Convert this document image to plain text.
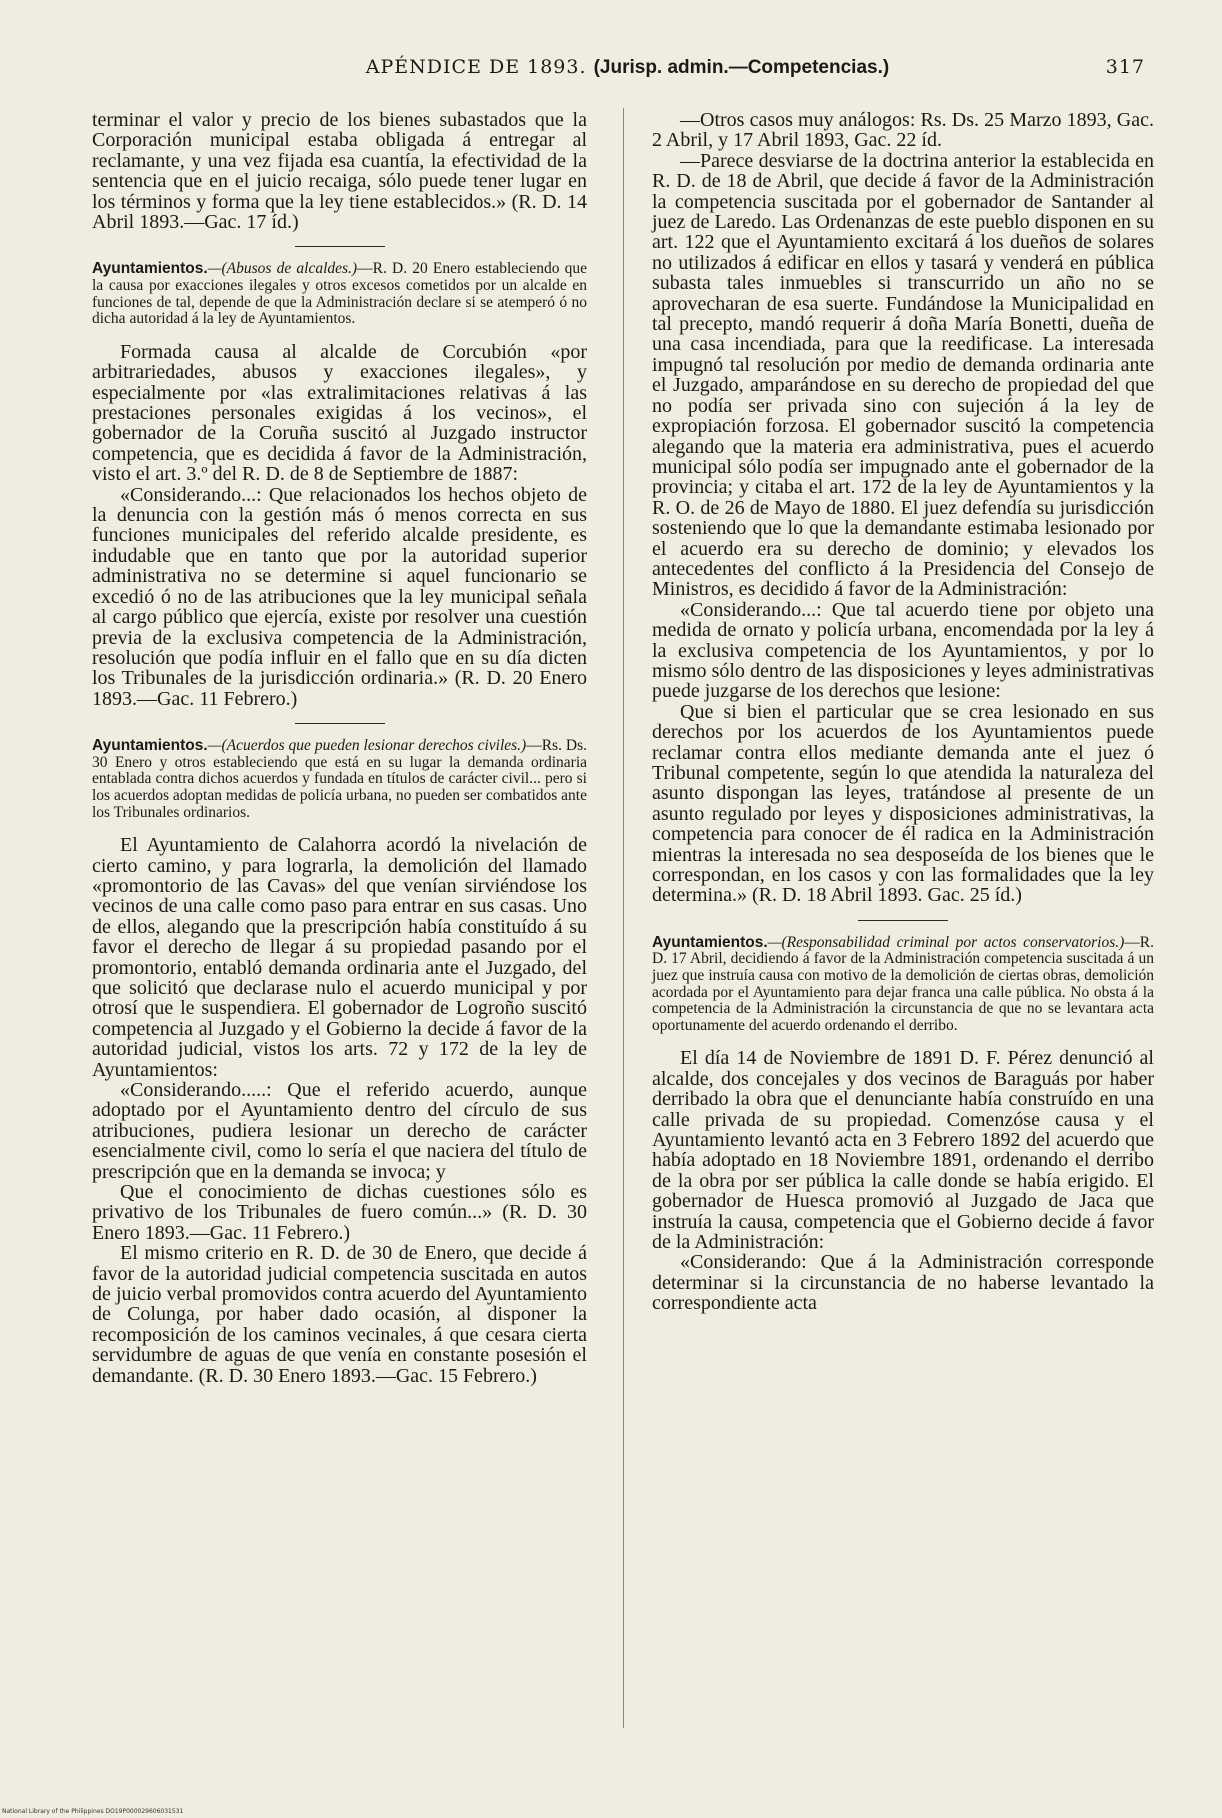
APÉNDICE DE 1893. (Jurisp. admin.—Competencias.)	317

terminar el valor y precio de los bienes subastados que la Corporación municipal estaba obligada á entregar al reclamante, y una vez fijada esa cuantía, la efectividad de la sentencia que en el juicio recaiga, sólo puede tener lugar en los términos y forma que la ley tiene establecidos.» (R. D. 14 Abril 1893.—Gac. 17 íd.)

Ayuntamientos.—(Abusos de alcaldes.)—R. D. 20 Enero estableciendo que la causa por exacciones ilegales y otros excesos cometidos por un alcalde en funciones de tal, depende de que la Administración declare si se atemperó ó no dicha autoridad á la ley de Ayuntamientos.

Formada causa al alcalde de Corcubión «por arbitrariedades, abusos y exacciones ilegales», y especialmente por «las extralimitaciones relativas á las prestaciones personales exigidas á los vecinos», el gobernador de la Coruña suscitó al Juzgado instructor competencia, que es decidida á favor de la Administración, visto el art. 3.º del R. D. de 8 de Septiembre de 1887:

«Considerando...: Que relacionados los hechos objeto de la denuncia con la gestión más ó menos correcta en sus funciones municipales del referido alcalde presidente, es indudable que en tanto que por la autoridad superior administrativa no se determine si aquel funcionario se excedió ó no de las atribuciones que la ley municipal señala al cargo público que ejercía, existe por resolver una cuestión previa de la exclusiva competencia de la Administración, resolución que podía influir en el fallo que en su día dicten los Tribunales de la jurisdicción ordinaria.» (R. D. 20 Enero 1893.—Gac. 11 Febrero.)

Ayuntamientos.—(Acuerdos que pueden lesionar derechos civiles.)—Rs. Ds. 30 Enero y otros estableciendo que está en su lugar la demanda ordinaria entablada contra dichos acuerdos y fundada en títulos de carácter civil... pero si los acuerdos adoptan medidas de policía urbana, no pueden ser combatidos ante los Tribunales ordinarios.

El Ayuntamiento de Calahorra acordó la nivelación de cierto camino, y para lograrla, la demolición del llamado «promontorio de las Cavas» del que venían sirviéndose los vecinos de una calle como paso para entrar en sus casas. Uno de ellos, alegando que la prescripción había constituído á su favor el derecho de llegar á su propiedad pasando por el promontorio, entabló demanda ordinaria ante el Juzgado, del que solicitó que declarase nulo el acuerdo municipal y por otrosí que le suspendiera. El gobernador de Logroño suscitó competencia al Juzgado y el Gobierno la decide á favor de la autoridad judicial, vistos los arts. 72 y 172 de la ley de Ayuntamientos:

«Considerando.....: Que el referido acuerdo, aunque adoptado por el Ayuntamiento dentro del círculo de sus atribuciones, pudiera lesionar un derecho de carácter esencialmente civil, como lo sería el que naciera del título de prescripción que en la demanda se invoca; y

Que el conocimiento de dichas cuestiones sólo es privativo de los Tribunales de fuero común...» (R. D. 30 Enero 1893.—Gac. 11 Febrero.)

El mismo criterio en R. D. de 30 de Enero, que decide á favor de la autoridad judicial competencia suscitada en autos de juicio verbal promovidos contra acuerdo del Ayuntamiento de Colunga, por haber dado ocasión, al disponer la recomposición de los caminos vecinales, á que cesara cierta servidumbre de aguas de que venía en constante posesión el demandante. (R. D. 30 Enero 1893.—Gac. 15 Febrero.)

—Otros casos muy análogos: Rs. Ds. 25 Marzo 1893, Gac. 2 Abril, y 17 Abril 1893, Gac. 22 íd.

—Parece desviarse de la doctrina anterior la establecida en R. D. de 18 de Abril, que decide á favor de la Administración la competencia suscitada por el gobernador de Santander al juez de Laredo. Las Ordenanzas de este pueblo disponen en su art. 122 que el Ayuntamiento excitará á los dueños de solares no utilizados á edificar en ellos y tasará y venderá en pública subasta tales inmuebles si transcurrido un año no se aprovecharan de esa suerte. Fundándose la Municipalidad en tal precepto, mandó requerir á doña María Bonetti, dueña de una casa incendiada, para que la reedificase. La interesada impugnó tal resolución por medio de demanda ordinaria ante el Juzgado, amparándose en su derecho de propiedad del que no podía ser privada sino con sujeción á la ley de expropiación forzosa. El gobernador suscitó la competencia alegando que la materia era administrativa, pues el acuerdo municipal sólo podía ser impugnado ante el gobernador de la provincia; y citaba el art. 172 de la ley de Ayuntamientos y la R. O. de 26 de Mayo de 1880. El juez defendía su jurisdicción sosteniendo que lo que la demandante estimaba lesionado por el acuerdo era su derecho de dominio; y elevados los antecedentes del conflicto á la Presidencia del Consejo de Ministros, es decidido á favor de la Administración:

«Considerando...: Que tal acuerdo tiene por objeto una medida de ornato y policía urbana, encomendada por la ley á la exclusiva competencia de los Ayuntamientos, y por lo mismo sólo dentro de las disposiciones y leyes administrativas puede juzgarse de los derechos que lesione:

Que si bien el particular que se crea lesionado en sus derechos por los acuerdos de los Ayuntamientos puede reclamar contra ellos mediante demanda ante el juez ó Tribunal competente, según lo que atendida la naturaleza del asunto dispongan las leyes, tratándose al presente de un asunto regulado por leyes y disposiciones administrativas, la competencia para conocer de él radica en la Administración mientras la interesada no sea desposeída de los bienes que le correspondan, en los casos y con las formalidades que la ley determina.» (R. D. 18 Abril 1893. Gac. 25 íd.)

Ayuntamientos.—(Responsabilidad criminal por actos conservatorios.)—R. D. 17 Abril, decidiendo á favor de la Administración competencia suscitada á un juez que instruía causa con motivo de la demolición de ciertas obras, demolición acordada por el Ayuntamiento para dejar franca una calle pública. No obsta á la competencia de la Administración la circunstancia de que no se levantara acta oportunamente del acuerdo ordenando el derribo.

El día 14 de Noviembre de 1891 D. F. Pérez denunció al alcalde, dos concejales y dos vecinos de Baraguás por haber derribado la obra que el denunciante había construído en una calle privada de su propiedad. Comenzóse causa y el Ayuntamiento levantó acta en 3 Febrero 1892 del acuerdo que había adoptado en 18 Noviembre 1891, ordenando el derribo de la obra por ser pública la calle donde se había erigido. El gobernador de Huesca promovió al Juzgado de Jaca que instruía la causa, competencia que el Gobierno decide á favor de la Administración:

«Considerando: Que á la Administración corresponde determinar si la circunstancia de no haberse levantado la correspondiente acta

National Library of the Philippines DO19P000029606031531
